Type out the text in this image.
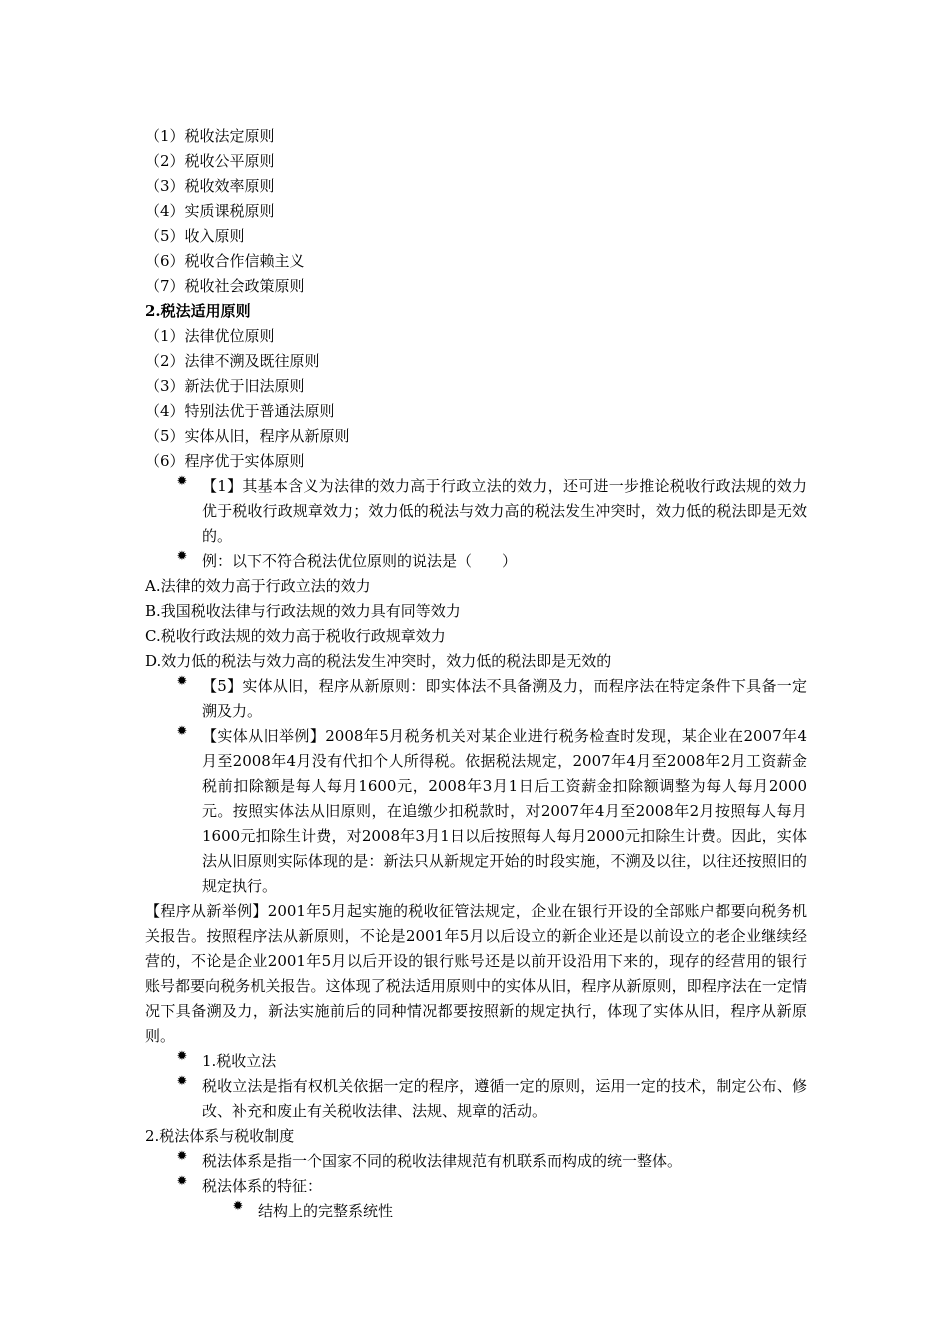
（1）税收法定原则
（2）税收公平原则
（3）税收效率原则
（4）实质课税原则
（5）收入原则
（6）税收合作信赖主义
（7）税收社会政策原则
2.税法适用原则
（1）法律优位原则
（2）法律不溯及既往原则
（3）新法优于旧法原则
（4）特别法优于普通法原则
（5）实体从旧，程序从新原则
（6）程序优于实体原则
✹ 【1】其基本含义为法律的效力高于行政立法的效力，还可进一步推论税收行政法规的效力优于税收行政规章效力；效力低的税法与效力高的税法发生冲突时，效力低的税法即是无效的。
✹ 例：以下不符合税法优位原则的说法是（　　）
A.法律的效力高于行政立法的效力
B.我国税收法律与行政法规的效力具有同等效力
C.税收行政法规的效力高于税收行政规章效力
D.效力低的税法与效力高的税法发生冲突时，效力低的税法即是无效的
✹ 【5】实体从旧，程序从新原则：即实体法不具备溯及力，而程序法在特定条件下具备一定溯及力。
✹ 【实体从旧举例】2008年5月税务机关对某企业进行税务检查时发现，某企业在2007年4月至2008年4月没有代扣个人所得税。依据税法规定，2007年4月至2008年2月工资薪金税前扣除额是每人每月1600元，2008年3月1日后工资薪金扣除额调整为每人每月2000元。按照实体法从旧原则，在追缴少扣税款时，对2007年4月至2008年2月按照每人每月1600元扣除生计费，对2008年3月1日以后按照每人每月2000元扣除生计费。因此，实体法从旧原则实际体现的是：新法只从新规定开始的时段实施，不溯及以往，以往还按照旧的规定执行。
【程序从新举例】2001年5月起实施的税收征管法规定，企业在银行开设的全部账户都要向税务机关报告。按照程序法从新原则，不论是2001年5月以后设立的新企业还是以前设立的老企业继续经营的，不论是企业2001年5月以后开设的银行账号还是以前开设沿用下来的，现存的经营用的银行账号都要向税务机关报告。这体现了税法适用原则中的实体从旧，程序从新原则，即程序法在一定情况下具备溯及力，新法实施前后的同种情况都要按照新的规定执行，体现了实体从旧，程序从新原则。
✹ 1.税收立法
✹ 税收立法是指有权机关依据一定的程序，遵循一定的原则，运用一定的技术，制定公布、修改、补充和废止有关税收法律、法规、规章的活动。
2.税法体系与税收制度
✹ 税法体系是指一个国家不同的税收法律规范有机联系而构成的统一整体。
✹ 税法体系的特征：
✹ 结构上的完整系统性
